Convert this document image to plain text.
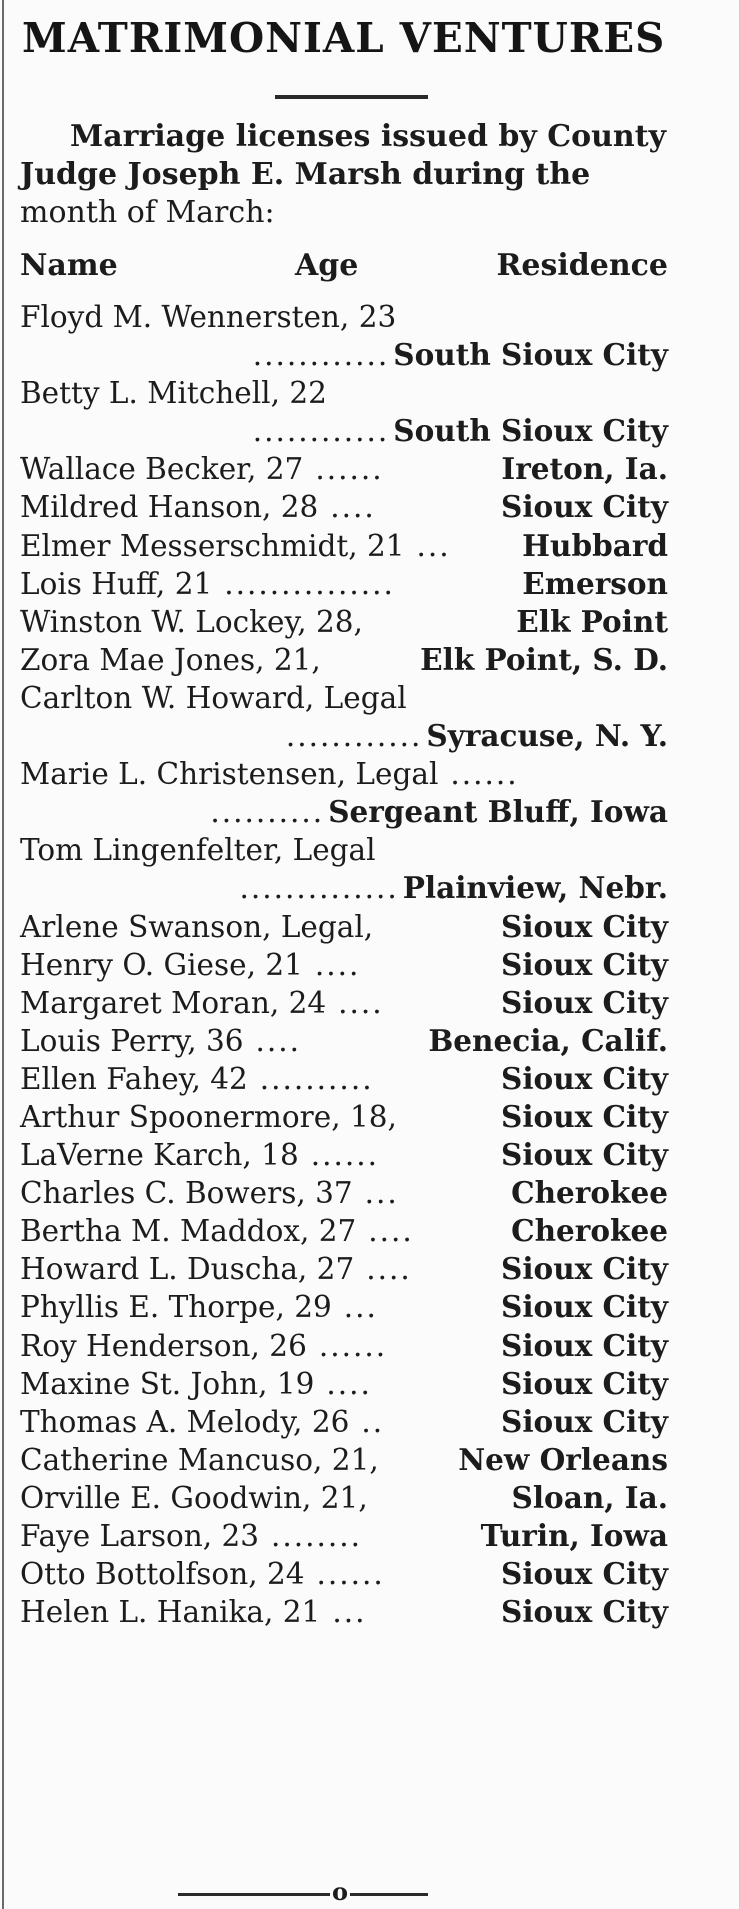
MATRIMONIAL VENTURES
Marriage licenses issued by County
Judge Joseph E. Marsh during the
month of March:
Name	Age	Residence
Floyd M. Wennersten, 23
............ South Sioux City
Betty L. Mitchell, 22
............ South Sioux City
Wallace Becker, 27 ......	Ireton, Ia.
Mildred Hanson, 28 ....	Sioux City
Elmer Messerschmidt, 21 ... Hubbard
Lois Huff, 21 ...............	Emerson
Winston W. Lockey, 28,	Elk Point
Zora Mae Jones, 21,	Elk Point, S. D.
Carlton W. Howard, Legal
............ Syracuse, N. Y.
Marie L. Christensen, Legal ......
.......... Sergeant Bluff, Iowa
Tom Lingenfelter, Legal
.............. Plainview, Nebr.
Arlene Swanson, Legal,	Sioux City
Henry O. Giese, 21 ....	Sioux City
Margaret Moran, 24 ....	Sioux City
Louis Perry, 36 ....	Benecia, Calif.
Ellen Fahey, 42 ..........	Sioux City
Arthur Spoonermore, 18,	Sioux City
LaVerne Karch, 18 ......	Sioux City
Charles C. Bowers, 37 ...	Cherokee
Bertha M. Maddox, 27 ....	Cherokee
Howard L. Duscha, 27 ....	Sioux City
Phyllis E. Thorpe, 29 ...	Sioux City
Roy Henderson, 26 ......	Sioux City
Maxine St. John, 19 ....	Sioux City
Thomas A. Melody, 26 ..	Sioux City
Catherine Mancuso, 21,	New Orleans
Orville E. Goodwin, 21,	Sloan, Ia.
Faye Larson, 23 ........	Turin, Iowa
Otto Bottolfson, 24 ......	Sioux City
Helen L. Hanika, 21 ...	Sioux City
o
